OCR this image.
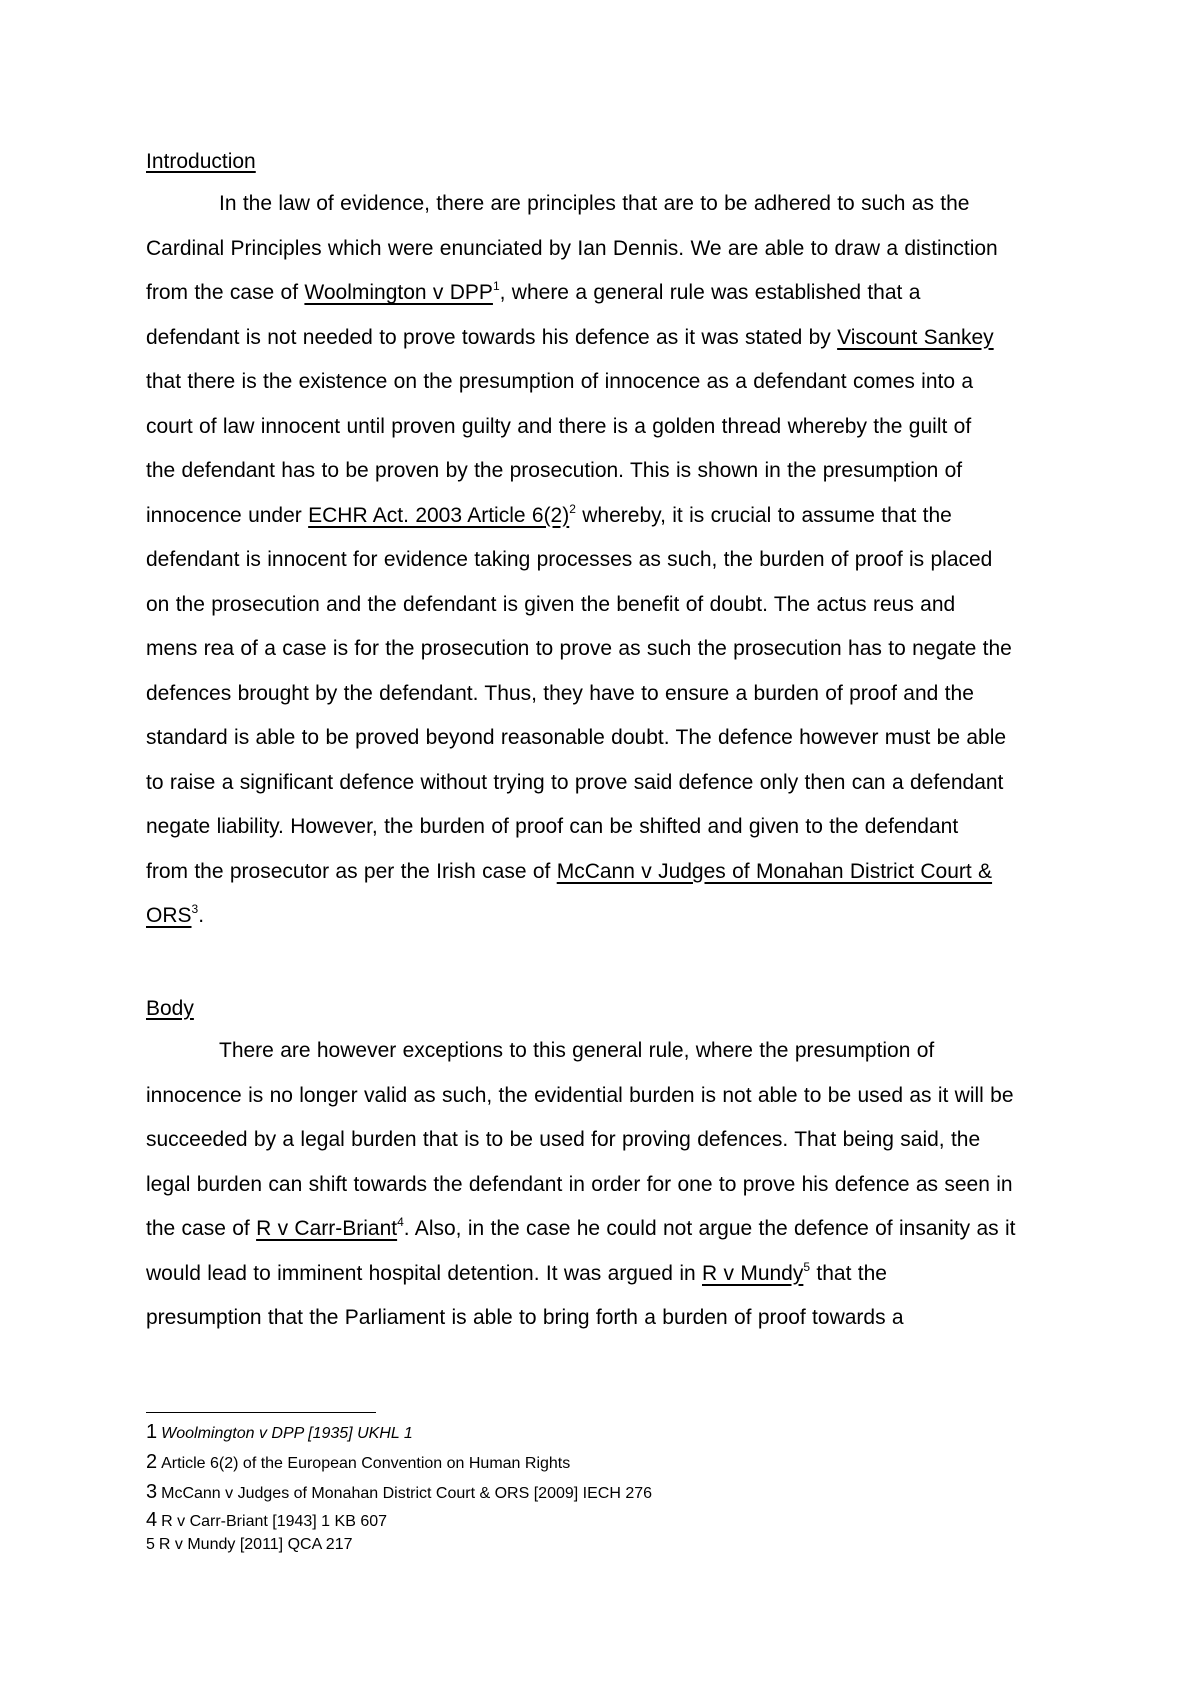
Introduction
In the law of evidence, there are principles that are to be adhered to such as the
Cardinal Principles which were enunciated by Ian Dennis. We are able to draw a distinction
from the case of Woolmington v DPP$^1$, where a general rule was established that a
defendant is not needed to prove towards his defence as it was stated by Viscount Sankey
that there is the existence on the presumption of innocence as a defendant comes into a
court of law innocent until proven guilty and there is a golden thread whereby the guilt of
the defendant has to be proven by the prosecution. This is shown in the presumption of
innocence under ECHR Act. 2003 Article $6(2)^2$ whereby, it is crucial to assume that the
defendant is innocent for evidence taking processes as such, the burden of proof is placed
on the prosecution and the defendant is given the benefit of doubt. The actus reus and
mens rea of a case is for the prosecution to prove as such the prosecution has to negate the
defences brought by the defendant. Thus, they have to ensure a burden of proof and the
standard is able to be proved beyond reasonable doubt. The defence however must be able
to raise a significant defence without trying to prove said defence only then can a defendant
negate liability. However, the burden of proof can be shifted and given to the defendant
from the prosecutor as per the Irish case of McCann v Judges of Monahan District Court &
ORS$^3$.
Body
There are however exceptions to this general rule, where the presumption of
innocence is no longer valid as such, the evidential burden is not able to be used as it will be
succeeded by a legal burden that is to be used for proving defences. That being said, the
legal burden can shift towards the defendant in order for one to prove his defence as seen in
the case of R v Carr-Briant$^4$. Also, in the case he could not argue the defence of insanity as it
would lead to imminent hospital detention. It was argued in R v Mundy$^5$ that the
presumption that the Parliament is able to bring forth a burden of proof towards a
1 Woolmington v DPP [1935] UKHL 1
2 Article 6(2) of the European Convention on Human Rights
3 McCann v Judges of Monahan District Court & ORS [2009] IECH 276
4 R v Carr-Briant [1943] 1 KB 607
5 R v Mundy [2011] QCA 217
